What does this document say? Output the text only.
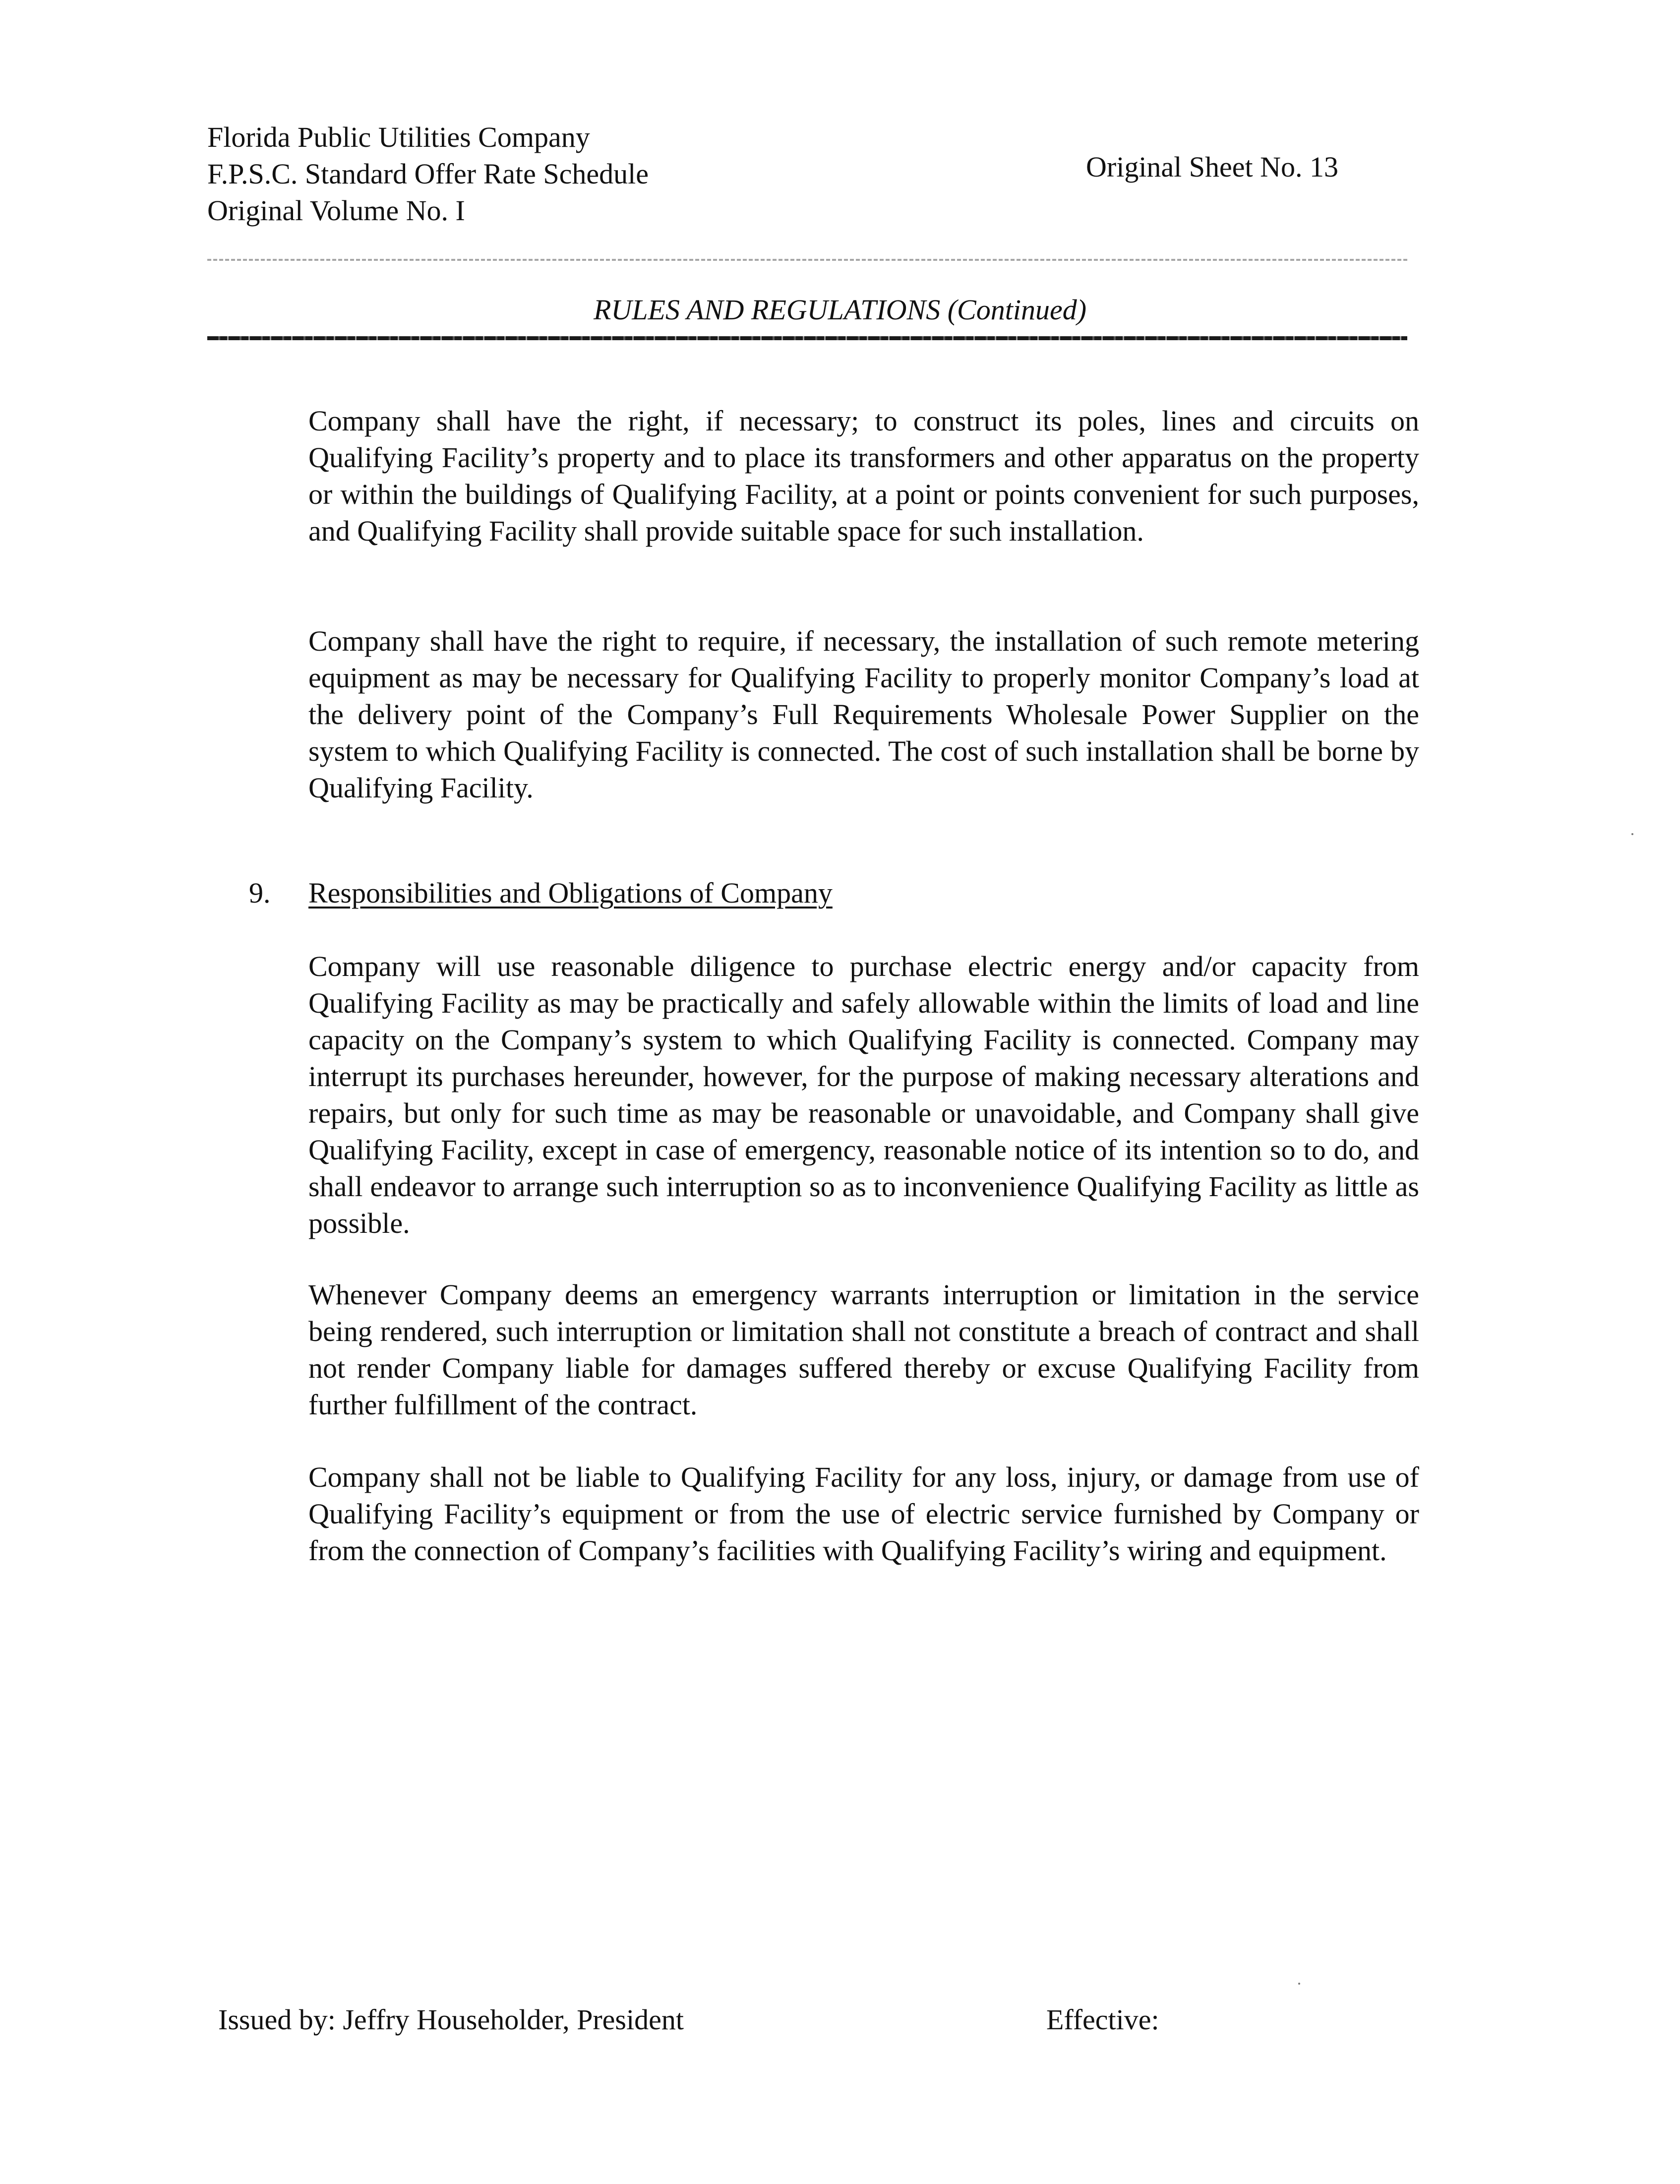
Florida Public Utilities Company
F.P.S.C. Standard Offer Rate Schedule
Original Volume No. I
Original Sheet No. 13
RULES AND REGULATIONS (Continued)
Company shall have the right, if necessary; to construct its poles, lines and circuits on Qualifying Facility’s property and to place its transformers and other apparatus on the property or within the buildings of Qualifying Facility, at a point or points convenient for such purposes, and Qualifying Facility shall provide suitable space for such installation.
Company shall have the right to require, if necessary, the installation of such remote metering equipment as may be necessary for Qualifying Facility to properly monitor Company’s load at the delivery point of the Company’s Full Requirements Wholesale Power Supplier on the system to which Qualifying Facility is connected. The cost of such installation shall be borne by Qualifying Facility.
9. Responsibilities and Obligations of Company
Company will use reasonable diligence to purchase electric energy and/or capacity from Qualifying Facility as may be practically and safely allowable within the limits of load and line capacity on the Company’s system to which Qualifying Facility is connected. Company may interrupt its purchases hereunder, however, for the purpose of making necessary alterations and repairs, but only for such time as may be reasonable or unavoidable, and Company shall give Qualifying Facility, except in case of emergency, reasonable notice of its intention so to do, and shall endeavor to arrange such interruption so as to inconvenience Qualifying Facility as little as possible.
Whenever Company deems an emergency warrants interruption or limitation in the service being rendered, such interruption or limitation shall not constitute a breach of contract and shall not render Company liable for damages suffered thereby or excuse Qualifying Facility from further fulfillment of the contract.
Company shall not be liable to Qualifying Facility for any loss, injury, or damage from use of Qualifying Facility’s equipment or from the use of electric service furnished by Company or from the connection of Company’s facilities with Qualifying Facility’s wiring and equipment.
Issued by: Jeffry Householder, President	Effective:
